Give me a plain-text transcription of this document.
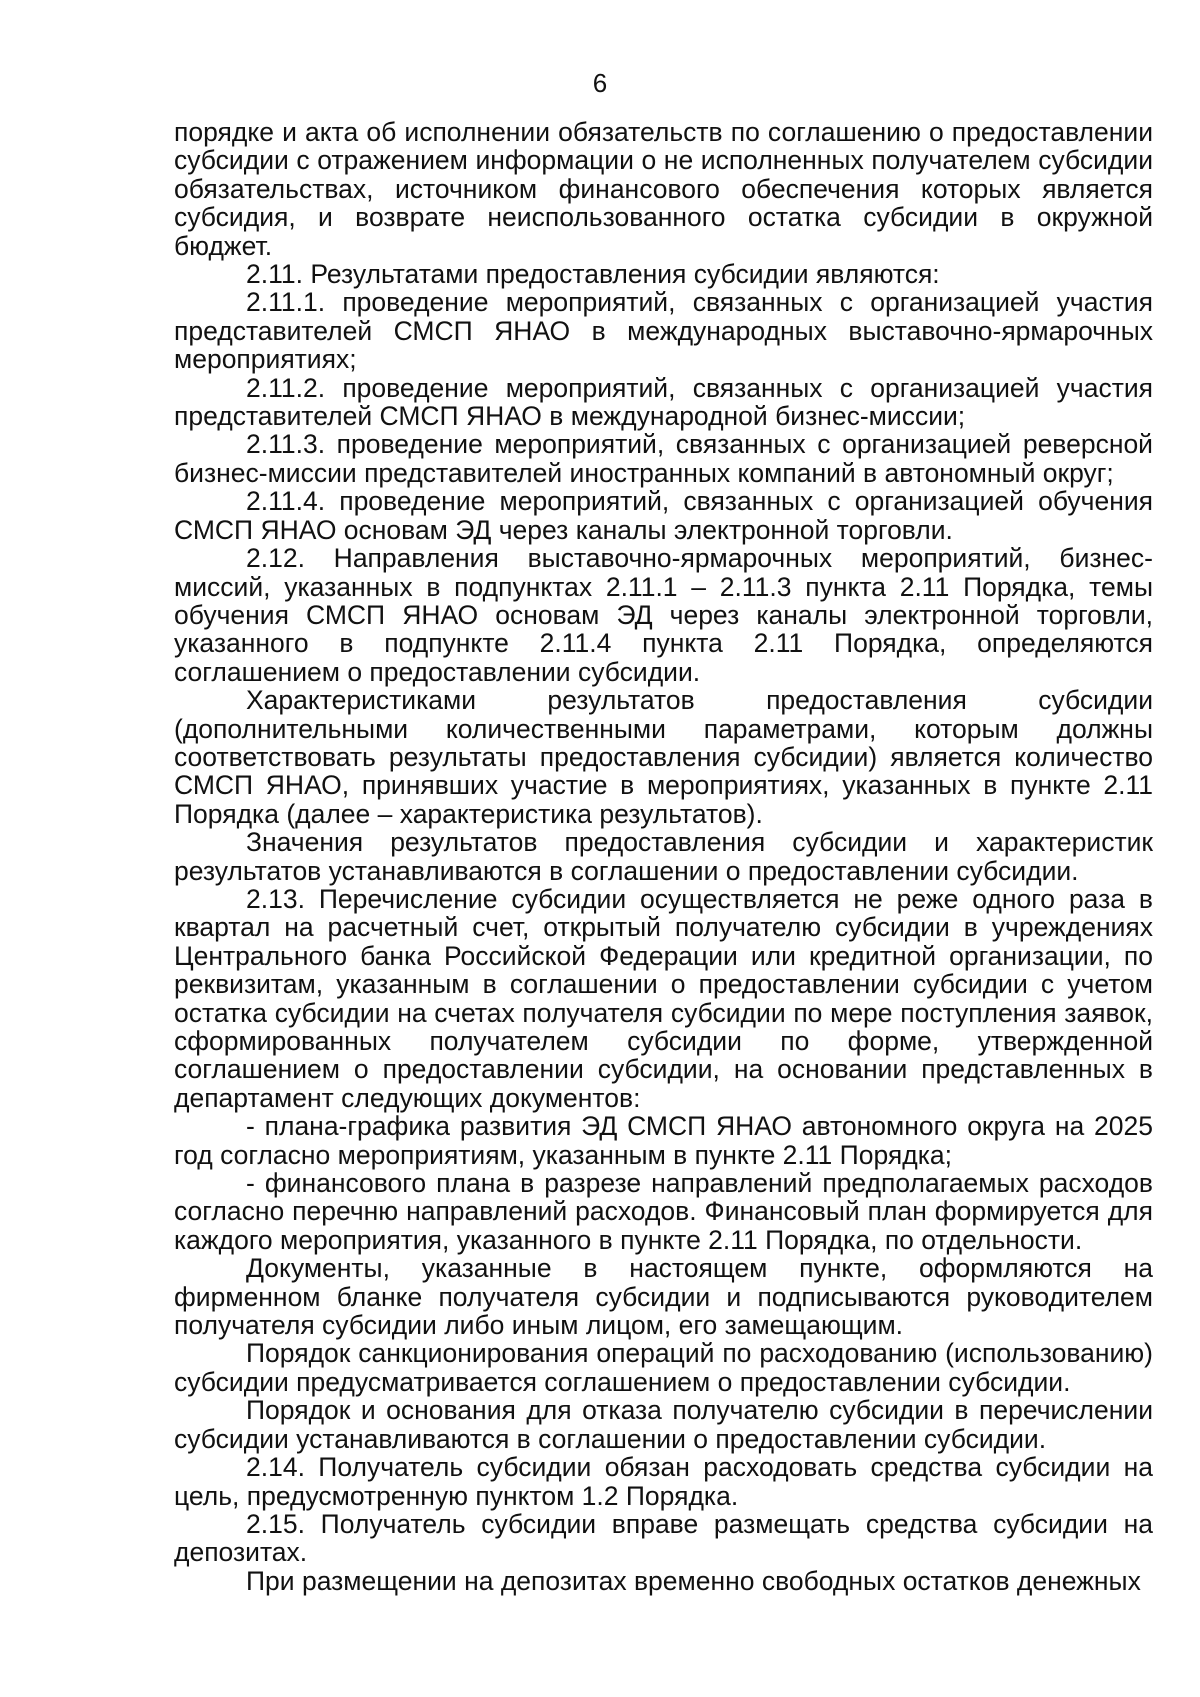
6

порядке и акта об исполнении обязательств по соглашению о предоставлении субсидии с отражением информации о не исполненных получателем субсидии обязательствах, источником финансового обеспечения которых является субсидия, и возврате неиспользованного остатка субсидии в окружной бюджет.

2.11. Результатами предоставления субсидии являются:

2.11.1. проведение мероприятий, связанных с организацией участия представителей СМСП ЯНАО в международных выставочно-ярмарочных мероприятиях;

2.11.2. проведение мероприятий, связанных с организацией участия представителей СМСП ЯНАО в международной бизнес-миссии;

2.11.3. проведение мероприятий, связанных с организацией реверсной бизнес-миссии представителей иностранных компаний в автономный округ;

2.11.4. проведение мероприятий, связанных с организацией обучения СМСП ЯНАО основам ЭД через каналы электронной торговли.

2.12. Направления выставочно-ярмарочных мероприятий, бизнес-миссий, указанных в подпунктах 2.11.1 – 2.11.3 пункта 2.11 Порядка, темы обучения СМСП ЯНАО основам ЭД через каналы электронной торговли, указанного в подпункте 2.11.4 пункта 2.11 Порядка, определяются соглашением о предоставлении субсидии.

Характеристиками результатов предоставления субсидии (дополнительными количественными параметрами, которым должны соответствовать результаты предоставления субсидии) является количество СМСП ЯНАО, принявших участие в мероприятиях, указанных в пункте 2.11 Порядка (далее – характеристика результатов).

Значения результатов предоставления субсидии и характеристик результатов устанавливаются в соглашении о предоставлении субсидии.

2.13. Перечисление субсидии осуществляется не реже одного раза в квартал на расчетный счет, открытый получателю субсидии в учреждениях Центрального банка Российской Федерации или кредитной организации, по реквизитам, указанным в соглашении о предоставлении субсидии с учетом остатка субсидии на счетах получателя субсидии по мере поступления заявок, сформированных получателем субсидии по форме, утвержденной соглашением о предоставлении субсидии, на основании представленных в департамент следующих документов:

- плана-графика развития ЭД СМСП ЯНАО автономного округа на 2025 год согласно мероприятиям, указанным в пункте 2.11 Порядка;

- финансового плана в разрезе направлений предполагаемых расходов согласно перечню направлений расходов. Финансовый план формируется для каждого мероприятия, указанного в пункте 2.11 Порядка, по отдельности.

Документы, указанные в настоящем пункте, оформляются на фирменном бланке получателя субсидии и подписываются руководителем получателя субсидии либо иным лицом, его замещающим.

Порядок санкционирования операций по расходованию (использованию) субсидии предусматривается соглашением о предоставлении субсидии.

Порядок и основания для отказа получателю субсидии в перечислении субсидии устанавливаются в соглашении о предоставлении субсидии.

2.14. Получатель субсидии обязан расходовать средства субсидии на цель, предусмотренную пунктом 1.2 Порядка.

2.15. Получатель субсидии вправе размещать средства субсидии на депозитах.

При размещении на депозитах временно свободных остатков денежных
